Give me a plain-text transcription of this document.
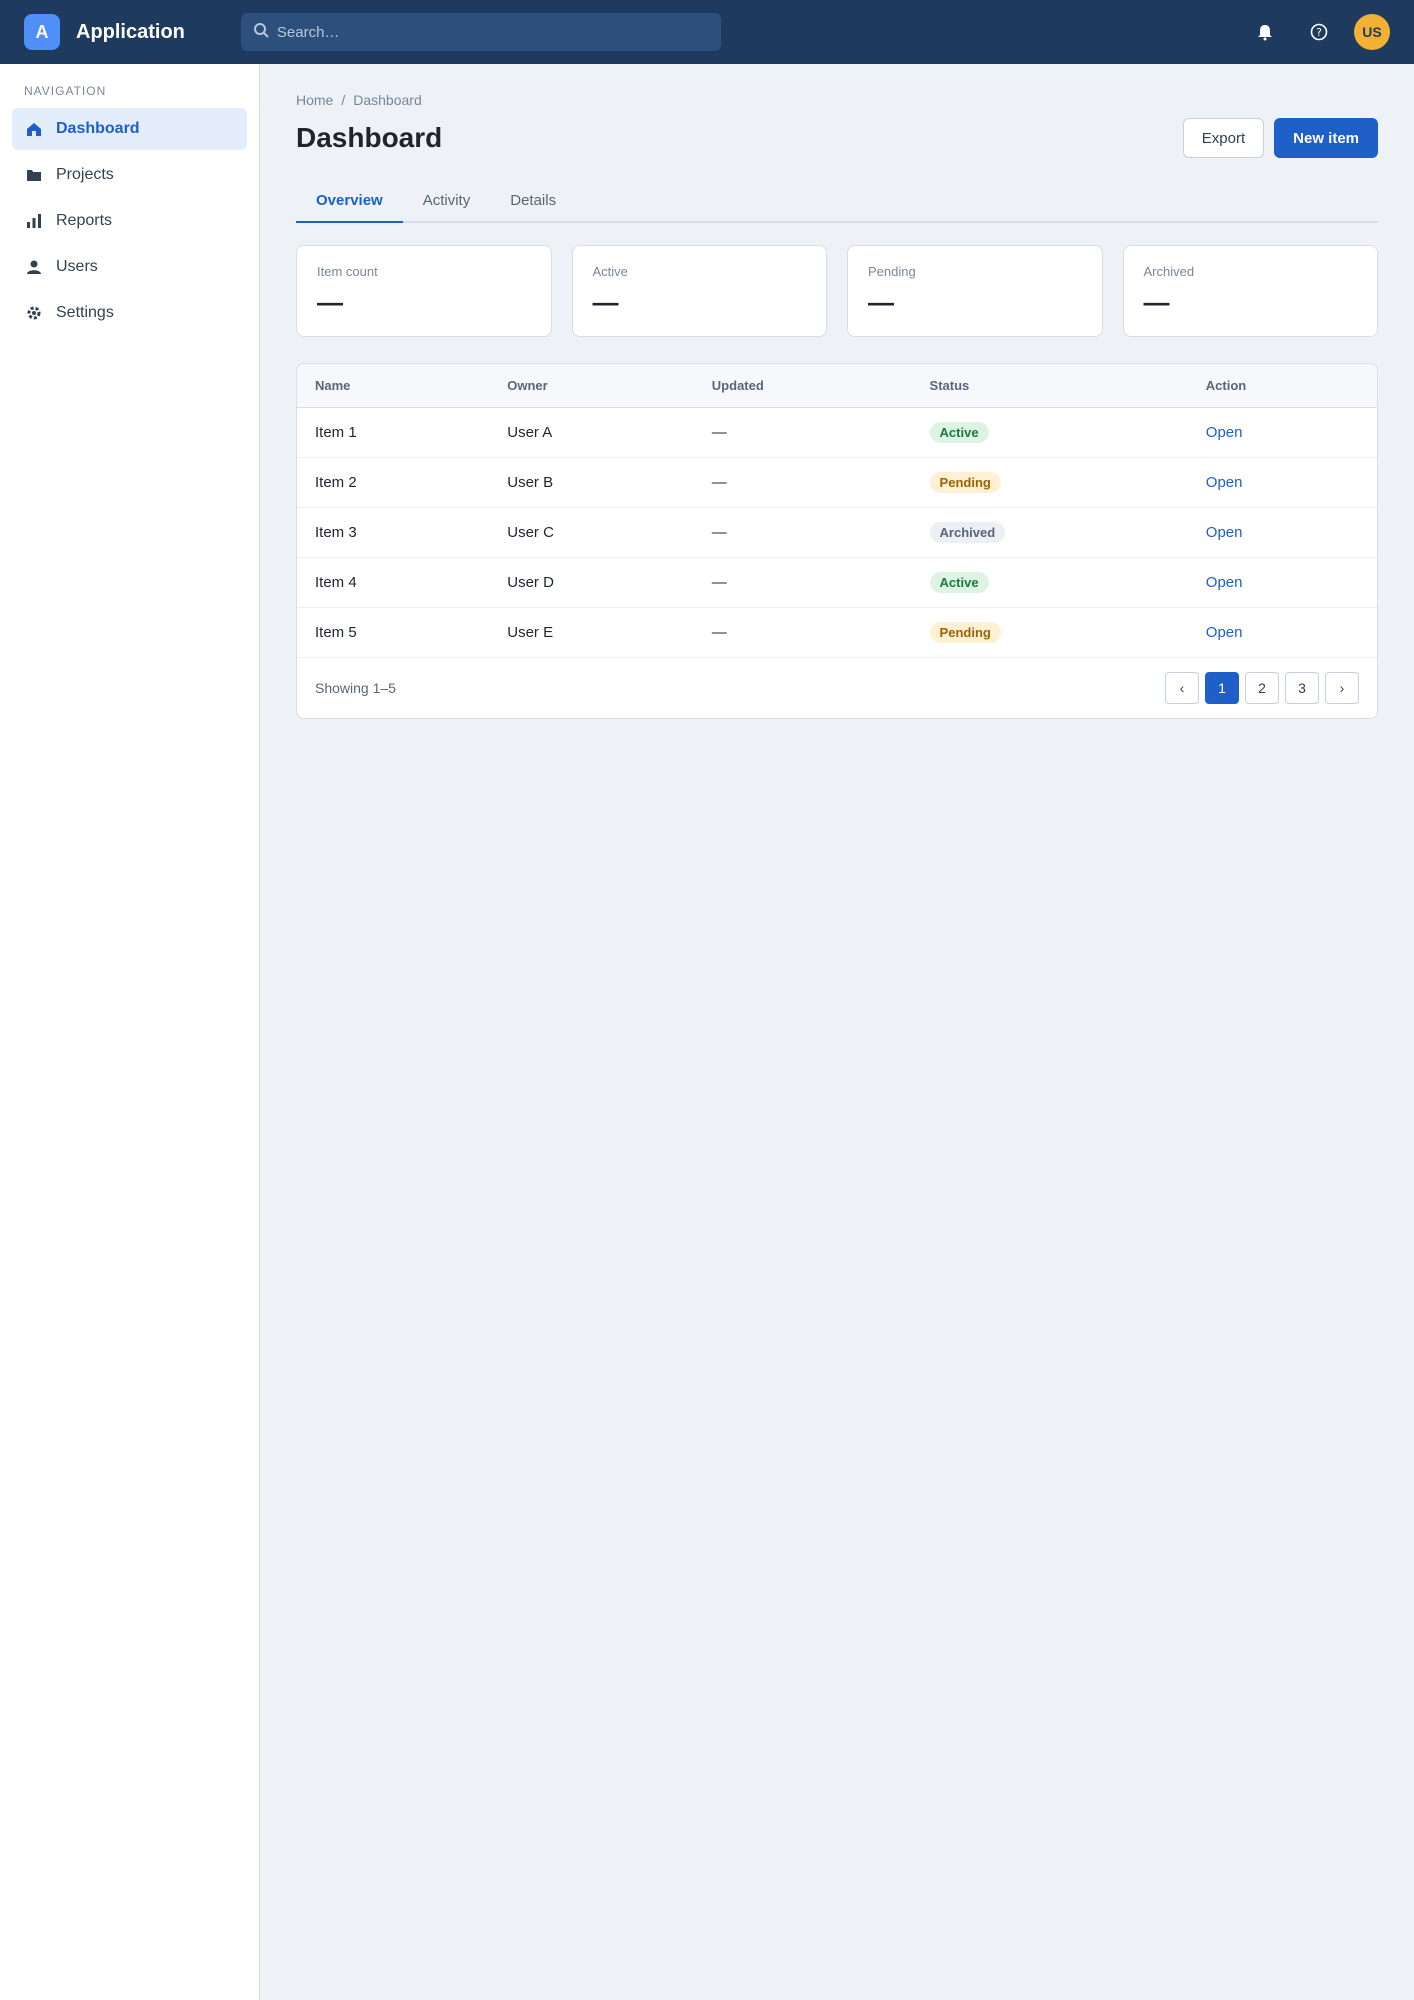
A	Application
Search…	?	US
NAVIGATION
Dashboard
Projects
Reports
Users
Settings
Home / Dashboard
Dashboard	Export	New item
Overview	Activity	Details
Item count
—
Active
—
Pending
—
Archived
—
Name	Owner	Updated	Status	Action
Item 1	User A	—	Active	Open
Item 2	User B	—	Pending	Open
Item 3	User C	—	Archived	Open
Item 4	User D	—	Active	Open
Item 5	User E	—	Pending	Open
Showing 1–5	‹	1	2	3	›
